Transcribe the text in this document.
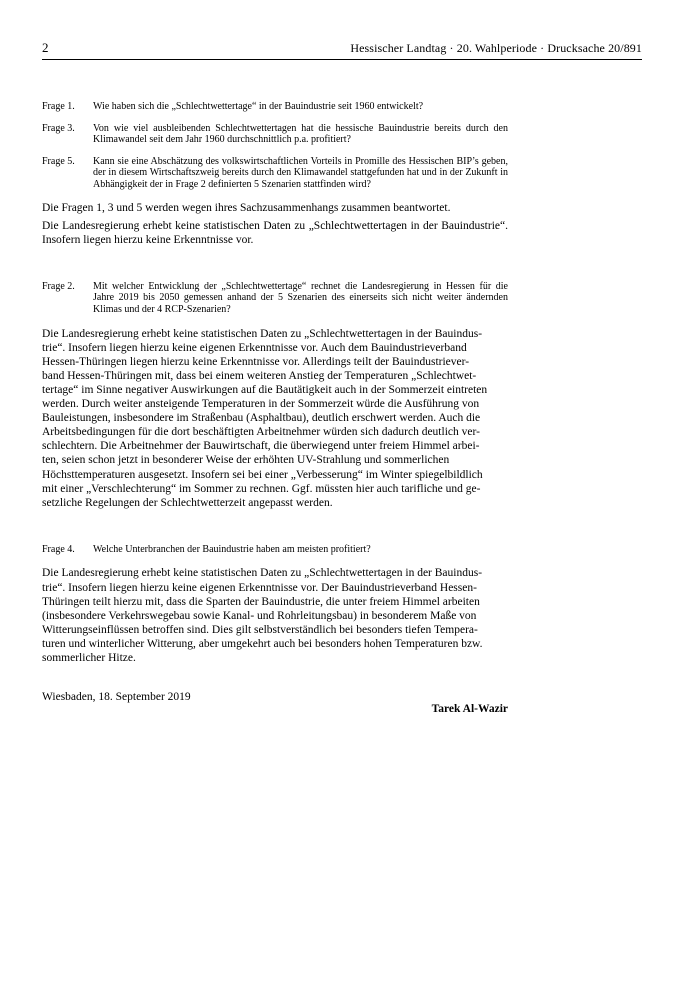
2	Hessischer Landtag · 20. Wahlperiode · Drucksache 20/891
Frage 1.	Wie haben sich die „Schlechtwettertage“ in der Bauindustrie seit 1960 entwickelt?
Frage 3.	Von wie viel ausbleibenden Schlechtwettertagen hat die hessische Bauindustrie bereits durch den Klimawandel seit dem Jahr 1960 durchschnittlich p.a. profitiert?
Frage 5.	Kann sie eine Abschätzung des volkswirtschaftlichen Vorteils in Promille des Hessischen BIP’s geben, der in diesem Wirtschaftszweig bereits durch den Klimawandel stattgefunden hat und in der Zukunft in Abhängigkeit der in Frage 2 definierten 5 Szenarien stattfinden wird?

Die Fragen 1, 3 und 5 werden wegen ihres Sachzusammenhangs zusammen beantwortet.

Die Landesregierung erhebt keine statistischen Daten zu „Schlechtwettertagen in der Bauindustrie“. Insofern liegen hierzu keine Erkenntnisse vor.

Frage 2.	Mit welcher Entwicklung der „Schlechtwettertage“ rechnet die Landesregierung in Hessen für die Jahre 2019 bis 2050 gemessen anhand der 5 Szenarien des einerseits sich nicht weiter ändernden Klimas und der 4 RCP-Szenarien?
Die Landesregierung erhebt keine statistischen Daten zu „Schlechtwettertagen in der Bauindus-
trie“. Insofern liegen hierzu keine eigenen Erkenntnisse vor. Auch dem Bauindustrieverband
Hessen-Thüringen liegen hierzu keine Erkenntnisse vor. Allerdings teilt der Bauindustriever-
band Hessen-Thüringen mit, dass bei einem weiteren Anstieg der Temperaturen „Schlechtwet-
tertage“ im Sinne negativer Auswirkungen auf die Bautätigkeit auch in der Sommerzeit eintreten
werden. Durch weiter ansteigende Temperaturen in der Sommerzeit würde die Ausführung von
Bauleistungen, insbesondere im Straßenbau (Asphaltbau), deutlich erschwert werden. Auch die
Arbeitsbedingungen für die dort beschäftigten Arbeitnehmer würden sich dadurch deutlich ver-
schlechtern. Die Arbeitnehmer der Bauwirtschaft, die überwiegend unter freiem Himmel arbei-
ten, seien schon jetzt in besonderer Weise der erhöhten UV-Strahlung und sommerlichen
Höchsttemperaturen ausgesetzt. Insofern sei bei einer „Verbesserung“ im Winter spiegelbildlich
mit einer „Verschlechterung“ im Sommer zu rechnen. Ggf. müssten hier auch tarifliche und ge-
setzliche Regelungen der Schlechtwetterzeit angepasst werden.
Frage 4.	Welche Unterbranchen der Bauindustrie haben am meisten profitiert?
Die Landesregierung erhebt keine statistischen Daten zu „Schlechtwettertagen in der Bauindus-
trie“. Insofern liegen hierzu keine eigenen Erkenntnisse vor. Der Bauindustrieverband Hessen-
Thüringen teilt hierzu mit, dass die Sparten der Bauindustrie, die unter freiem Himmel arbeiten
(insbesondere Verkehrswegebau sowie Kanal- und Rohrleitungsbau) in besonderem Maße von
Witterungseinflüssen betroffen sind. Dies gilt selbstverständlich bei besonders tiefen Tempera-
turen und winterlicher Witterung, aber umgekehrt auch bei besonders hohen Temperaturen bzw.
sommerlicher Hitze.
Wiesbaden, 18. September 2019
Tarek Al-Wazir
